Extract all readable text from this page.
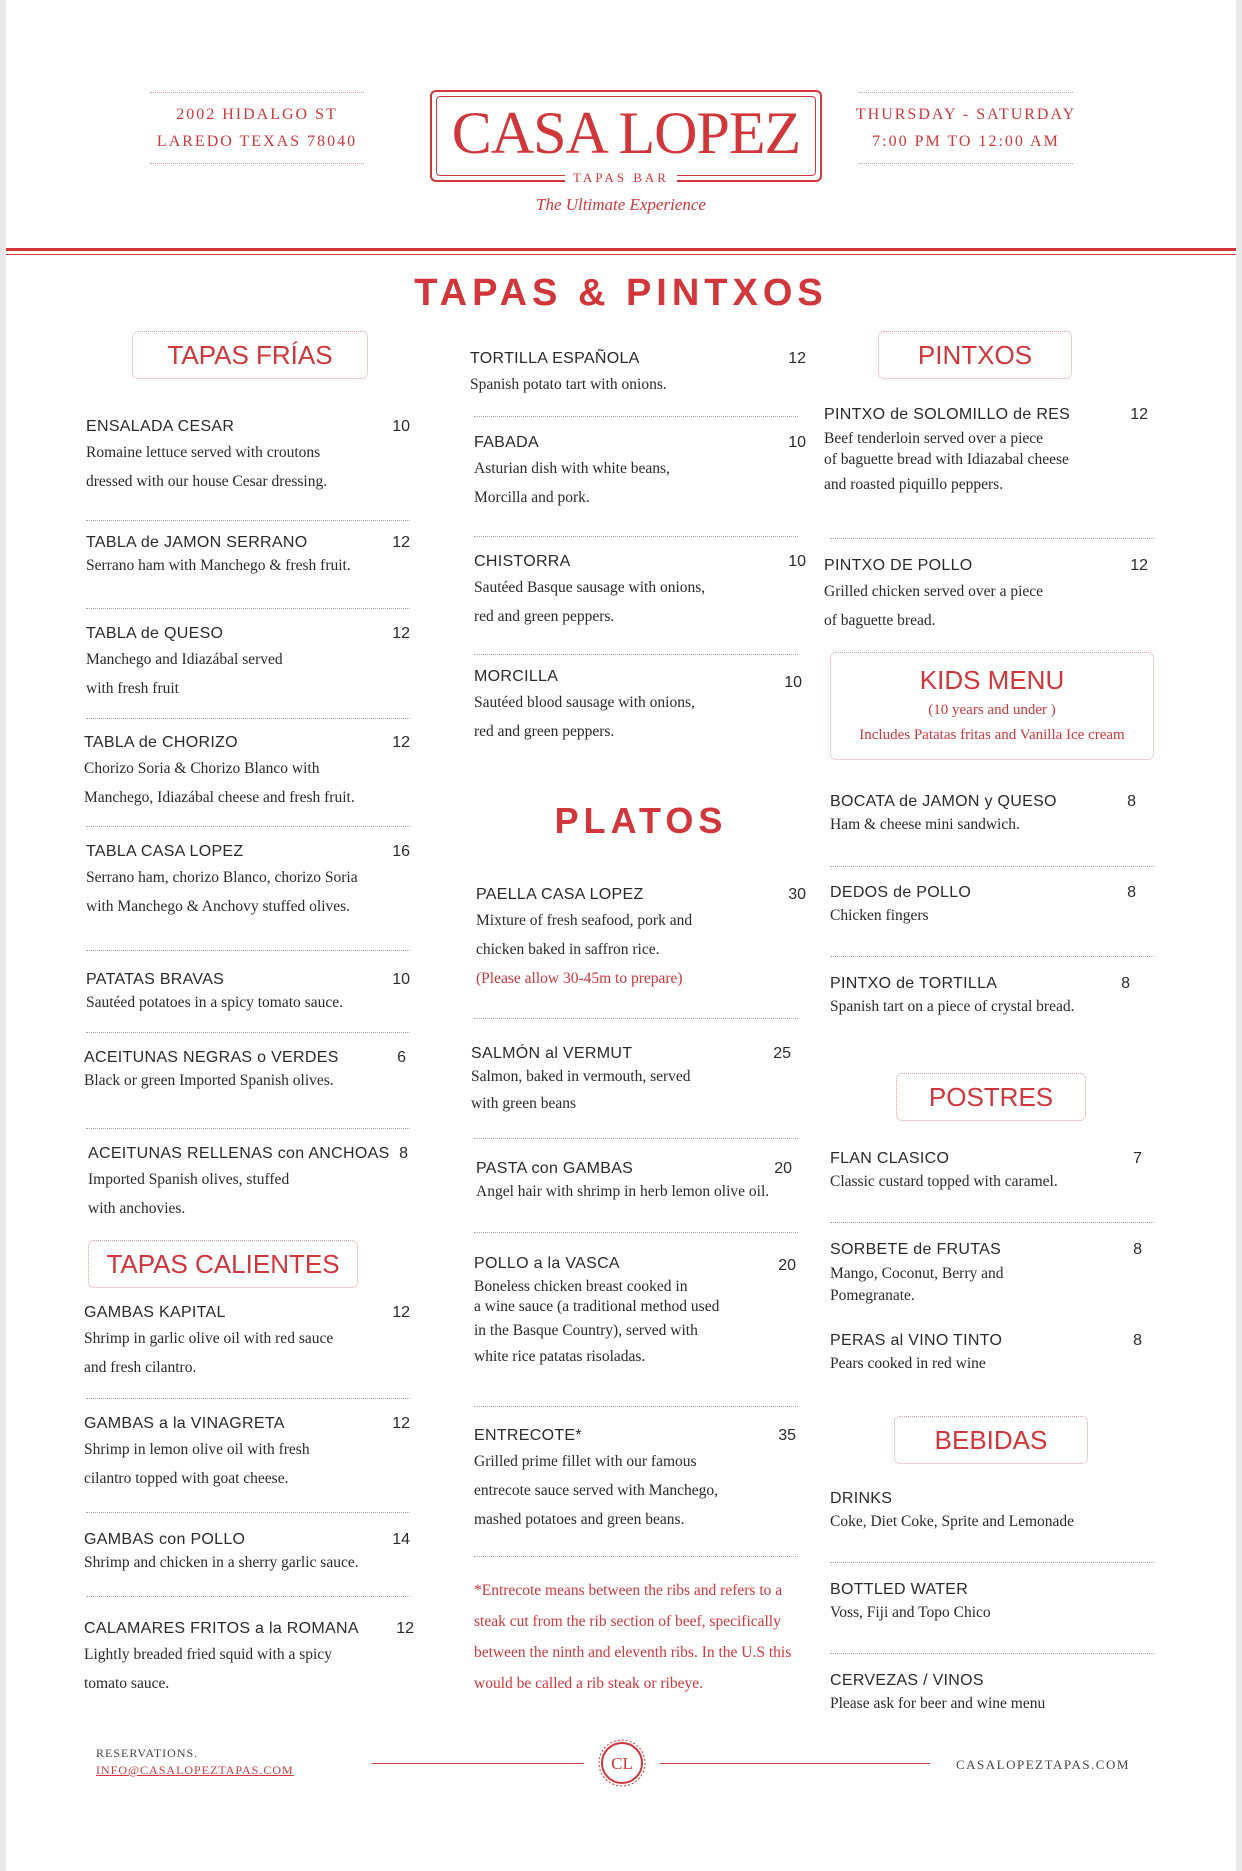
2002 HIDALGO ST
LAREDO TEXAS 78040	CASA LOPEZ
TAPAS BAR
The Ultimate Experience
THURSDAY - SATURDAY
7:00 PM TO 12:00 AM
TAPAS & PINTXOS
TAPAS FRÍAS
ENSALADA CESAR	10
Romaine lettuce served with croutons
dressed with our house Cesar dressing.
TABLA de JAMON SERRANO	12
Serrano ham with Manchego & fresh fruit.
TABLA de QUESO	12
Manchego and Idiazábal served
with fresh fruit
TABLA de CHORIZO	12
Chorizo Soria & Chorizo Blanco with
Manchego, Idiazábal cheese and fresh fruit.
TABLA CASA LOPEZ	16
Serrano ham, chorizo Blanco, chorizo Soria
with Manchego & Anchovy stuffed olives.
PATATAS BRAVAS	10
Sautéed potatoes in a spicy tomato sauce.
ACEITUNAS NEGRAS o VERDES	6
Black or green Imported Spanish olives.
ACEITUNAS RELLENAS con ANCHOAS 8
Imported Spanish olives, stuffed
with anchovies.
TAPAS CALIENTES
GAMBAS KAPITAL	12
Shrimp in garlic olive oil with red sauce
and fresh cilantro.
GAMBAS a la VINAGRETA	12
Shrimp in lemon olive oil with fresh
cilantro topped with goat cheese.
GAMBAS con POLLO	14
Shrimp and chicken in a sherry garlic sauce.
CALAMARES FRITOS a la ROMANA	12
Lightly breaded fried squid with a spicy
tomato sauce.
TORTILLA ESPAÑOLA	12
Spanish potato tart with onions.
FABADA	10
Asturian dish with white beans,
Morcilla and pork.
CHISTORRA	10
Sautéed Basque sausage with onions,
red and green peppers.
MORCILLA	10
Sautéed blood sausage with onions,
red and green peppers.
PLATOS
PAELLA CASA LOPEZ	30
Mixture of fresh seafood, pork and
chicken baked in saffron rice.
(Please allow 30-45m to prepare)
SALMÓN al VERMUT	25
Salmon, baked in vermouth, served
with green beans
PASTA con GAMBAS	20
Angel hair with shrimp in herb lemon olive oil.
POLLO a la VASCA	20
Boneless chicken breast cooked in
a wine sauce (a traditional method used
in the Basque Country), served with
white rice patatas risoladas.
ENTRECOTE*	35
Grilled prime fillet with our famous
entrecote sauce served with Manchego,
mashed potatoes and green beans.
*Entrecote means between the ribs and refers to a steak cut from the rib section of beef, specifically between the ninth and eleventh ribs. In the U.S this would be called a rib steak or ribeye.
PINTXOS
PINTXO de SOLOMILLO de RES	12
Beef tenderloin served over a piece
of baguette bread with Idiazabal cheese
and roasted piquillo peppers.
PINTXO DE POLLO	12
Grilled chicken served over a piece
of baguette bread.
KIDS MENU
(10 years and under )
Includes Patatas fritas and Vanilla Ice cream
BOCATA de JAMON y QUESO	8
Ham & cheese mini sandwich.
DEDOS de POLLO	8
Chicken fingers
PINTXO de TORTILLA	8
Spanish tart on a piece of crystal bread.
POSTRES
FLAN CLASICO	7
Classic custard topped with caramel.
SORBETE de FRUTAS	8
Mango, Coconut, Berry and
Pomegranate.
PERAS al VINO TINTO	8
Pears cooked in red wine
BEBIDAS
DRINKS
Coke, Diet Coke, Sprite and Lemonade
BOTTLED WATER
Voss, Fiji and Topo Chico
CERVEZAS / VINOS
Please ask for beer and wine menu
RESERVATIONS.
INFO@CASALOPEZTAPAS.COM	CL	CASALOPEZTAPAS.COM
